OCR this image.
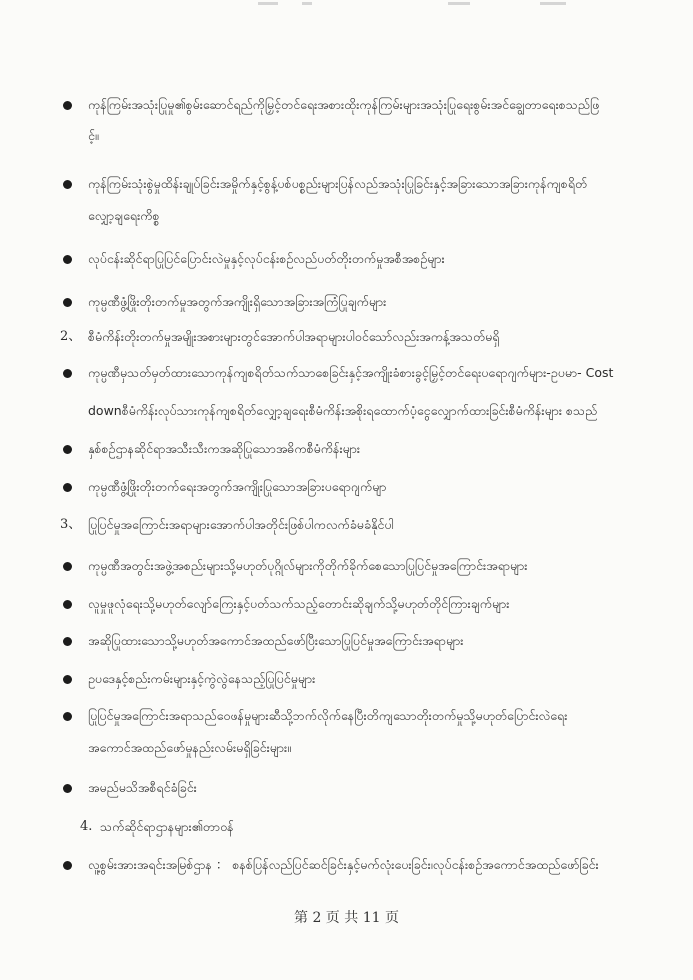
ကုန်ကြမ်းအသုံးပြုမှု၏စွမ်းဆောင်ရည်ကိုမြှင့်တင်ရေးအစားထိုးကုန်ကြမ်းများအသုံးပြုရေးစွမ်းအင်ချွေတာရေးစသည်ဖြ
င့်။
ကုန်ကြမ်းသုံးစွဲမှုထိန်းချုပ်ခြင်းအမှိုက်နှင့်စွန့်ပစ်ပစ္စည်းများပြန်လည်အသုံးပြုခြင်းနှင့်အခြားသောအခြားကုန်ကျစရိတ်
လျှော့ချရေးကိစ္စ
လုပ်ငန်းဆိုင်ရာပြုပြင်ပြောင်းလဲမှုနှင့်လုပ်ငန်းစဉ်လည်ပတ်တိုးတက်မှုအစီအစဉ်များ
ကုမ္ပဏီဖွံ့ဖြိုးတိုးတက်မှုအတွက်အကျိုးရှိသောအခြားအကြံပြုချက်များ
2、 စီမံကိန်းတိုးတက်မှုအမျိုးအစားများတွင်အောက်ပါအရာများပါဝင်သော်လည်းအကန့်အသတ်မရှိ
ကုမ္ပဏီမှသတ်မှတ်ထားသောကုန်ကျစရိတ်သက်သာစေခြင်းနှင့်အကျိုးခံစားခွင့်မြှင့်တင်ရေးပရောဂျက်များ-ဥပမာ- Cost
downစီမံကိန်းလုပ်သားကုန်ကျစရိတ်လျှော့ချရေးစီမံကိန်းအစိုးရထောက်ပံ့ငွေလျှောက်ထားခြင်းစီမံကိန်းများ စသည်
နှစ်စဉ်ဌာနဆိုင်ရာအသီးသီးကအဆိုပြုသောအဓိကစီမံကိန်းများ
ကုမ္ပဏီဖွံ့ဖြိုးတိုးတက်ရေးအတွက်အကျိုးပြုသောအခြားပရောဂျက်မျာ
3、 ပြုပြင်မှုအကြောင်းအရာများအောက်ပါအတိုင်းဖြစ်ပါကလက်ခံမခံနိုင်ပါ
ကုမ္ပဏီအတွင်းအဖွဲ့အစည်းများသို့မဟုတ်ပုဂ္ဂိုလ်များကိုတိုက်ခိုက်စေသောပြုပြင်မှုအကြောင်းအရာများ
လူမှုဖူလုံရေးသို့မဟုတ်လျော်ကြေးနှင့်ပတ်သက်သည့်တောင်းဆိုချက်သို့မဟုတ်တိုင်ကြားချက်များ
အဆိုပြုထားသောသို့မဟုတ်အကောင်အထည်ဖော်ပြီးသောပြုပြင်မှုအကြောင်းအရာများ
ဥပဒေနှင့်စည်းကမ်းများနှင့်ကွဲလွဲနေသည့်ပြုပြင်မှုများ
ပြုပြင်မှုအကြောင်းအရာသည်ဝေဖန်မှုများဆီသို့ဘက်လိုက်နေပြီးတိကျသောတိုးတက်မှုသို့မဟုတ်ပြောင်းလဲရေး
အကောင်အထည်ဖော်မှုနည်းလမ်းမရှိခြင်းများ။
အမည်မသိအစီရင်ခံခြင်း
4. သက်ဆိုင်ရာဌာနများ၏တာဝန်
လူ့စွမ်းအားအရင်းအမြစ်ဌာန ： စနစ်ပြန်လည်ပြင်ဆင်ခြင်းနှင့်မက်လုံးပေးခြင်း၊လုပ်ငန်းစဉ်အကောင်အထည်ဖော်ခြင်း
第 2 页 共 11 页
